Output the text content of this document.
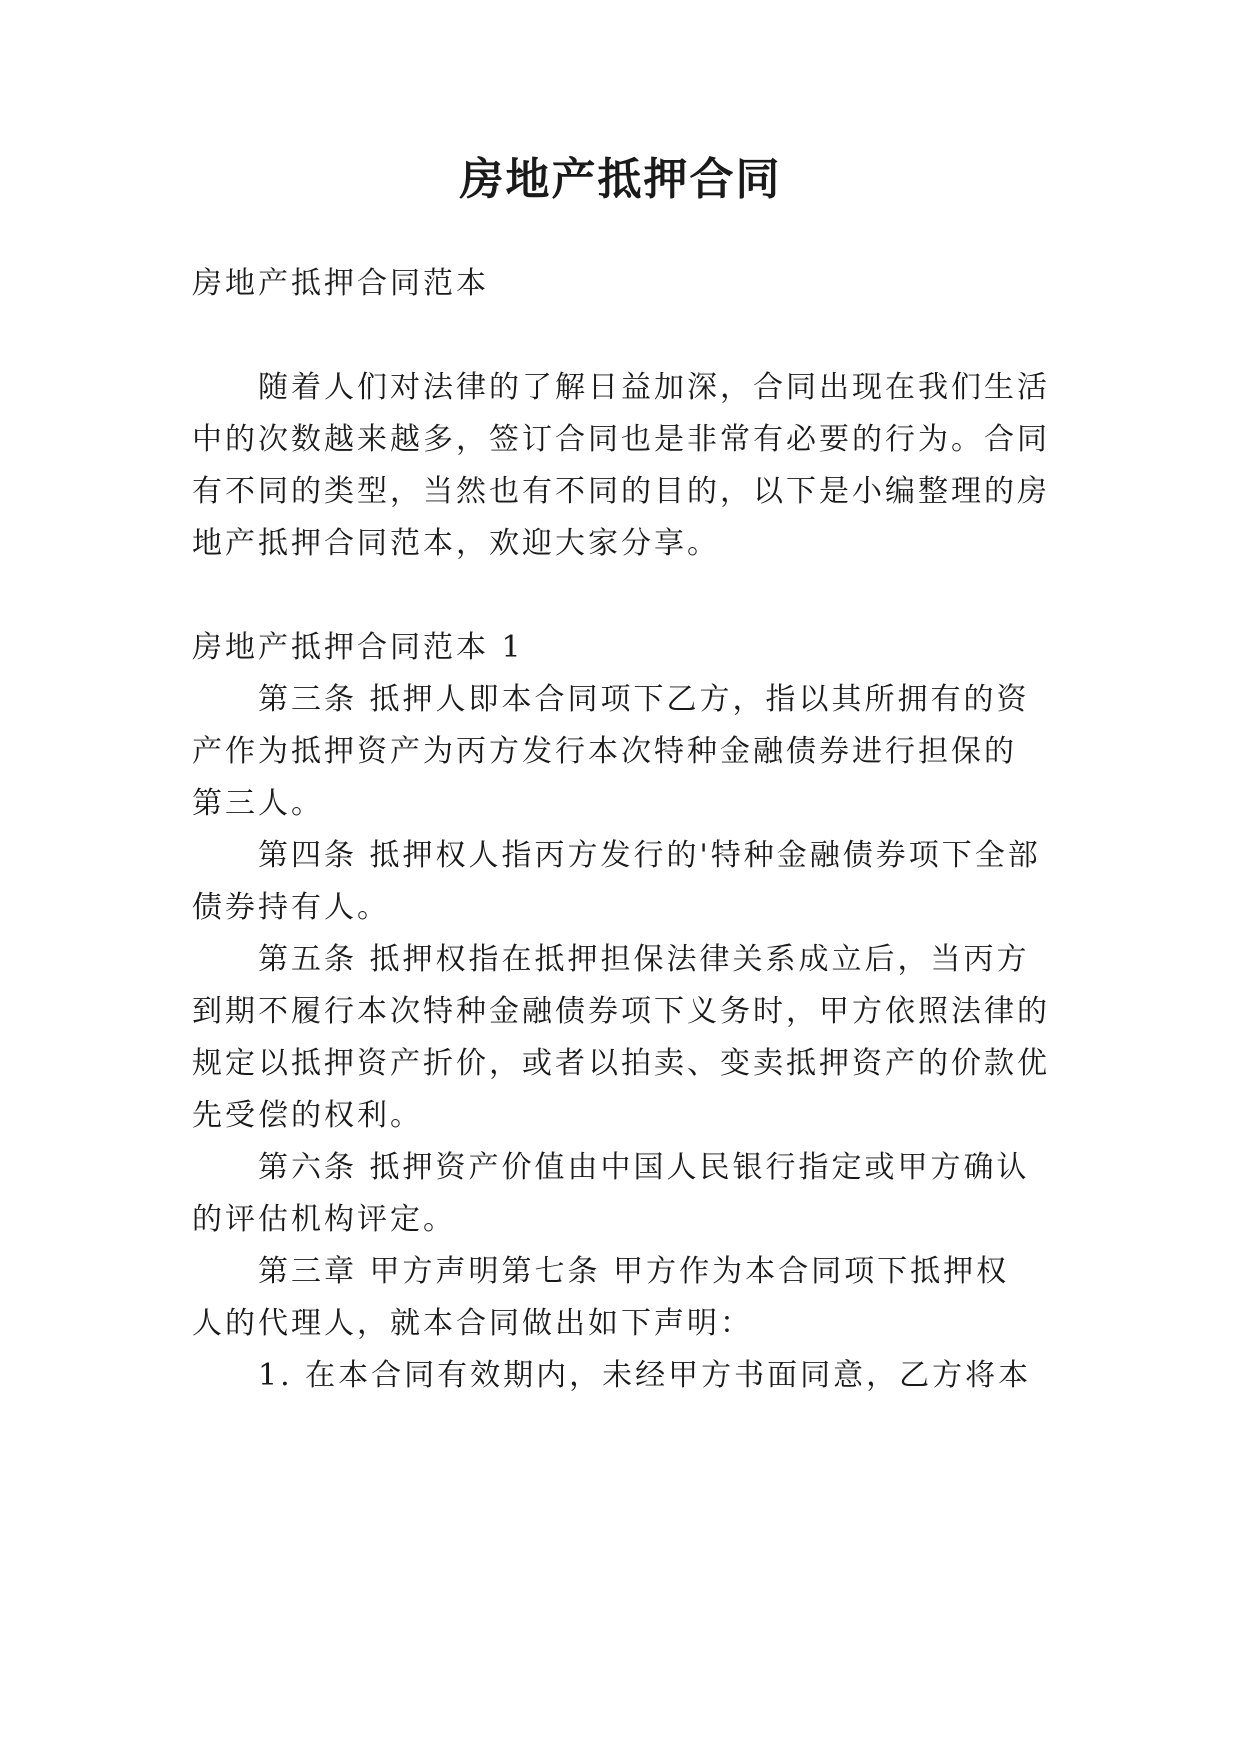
房地产抵押合同
房地产抵押合同范本
随着人们对法律的了解日益加深，合同出现在我们生活
中的次数越来越多，签订合同也是非常有必要的行为。合同
有不同的类型，当然也有不同的目的，以下是小编整理的房
地产抵押合同范本，欢迎大家分享。
房地产抵押合同范本 1
第三条 抵押人即本合同项下乙方，指以其所拥有的资
产作为抵押资产为丙方发行本次特种金融债券进行担保的
第三人。
第四条 抵押权人指丙方发行的'特种金融债券项下全部
债券持有人。
第五条 抵押权指在抵押担保法律关系成立后，当丙方
到期不履行本次特种金融债券项下义务时，甲方依照法律的
规定以抵押资产折价，或者以拍卖、变卖抵押资产的价款优
先受偿的权利。
第六条 抵押资产价值由中国人民银行指定或甲方确认
的评估机构评定。
第三章 甲方声明第七条 甲方作为本合同项下抵押权
人的代理人，就本合同做出如下声明：
1. 在本合同有效期内，未经甲方书面同意，乙方将本
